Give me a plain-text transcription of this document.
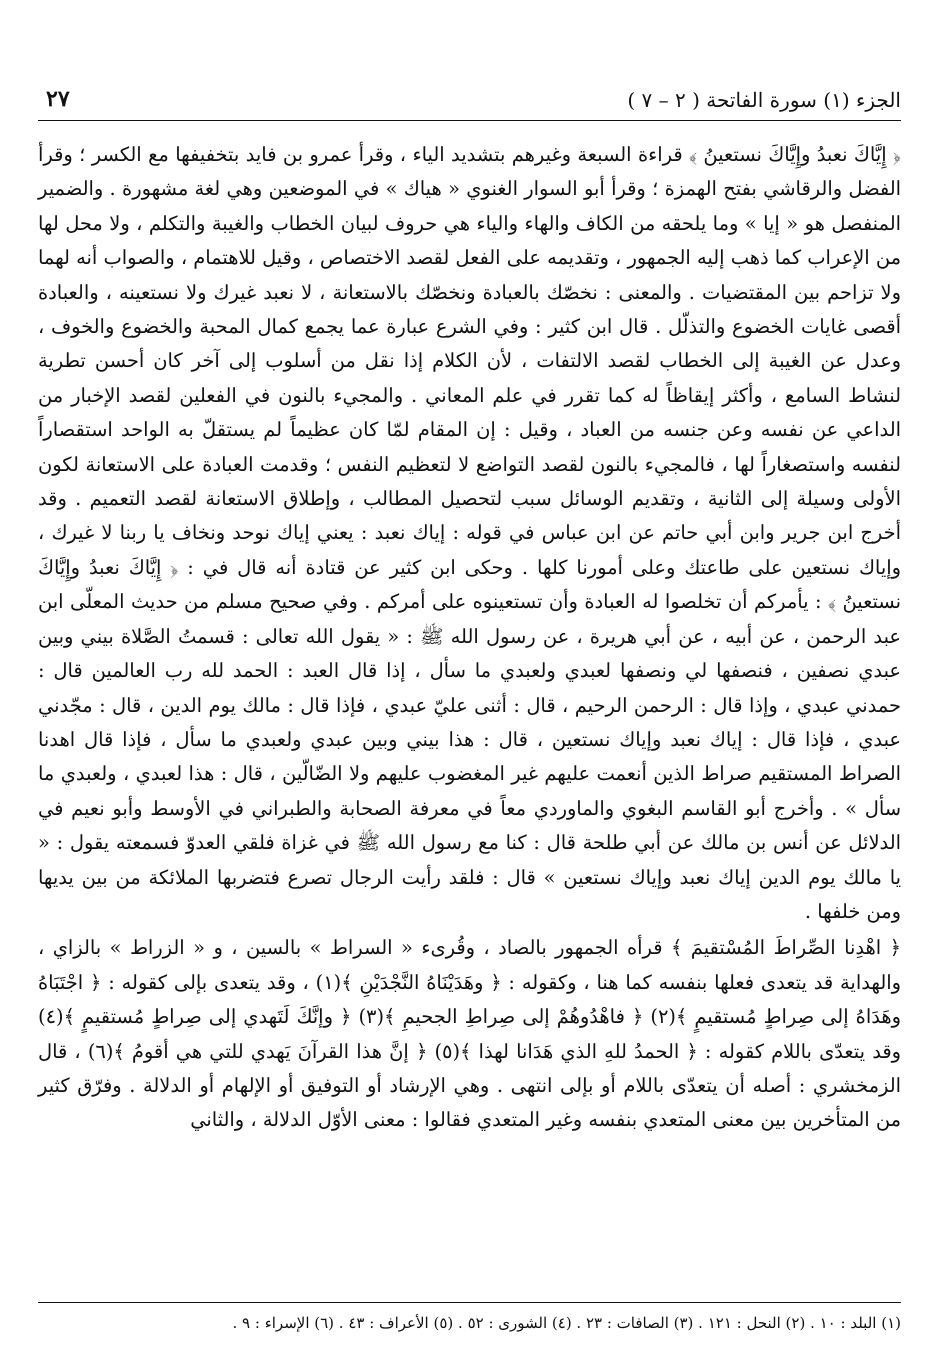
الجزء (١) سورة الفاتحة ( ٢ – ٧ )
٢٧

﴿ إِيَّاكَ نعبدُ وإِيَّاكَ نستعينُ ﴾ قراءة السبعة وغيرهم بتشديد الياء ، وقرأ عمرو بن فايد بتخفيفها مع الكسر ؛ وقرأ الفضل والرقاشي بفتح الهمزة ؛ وقرأ أبو السوار الغنوي « هياك » في الموضعين وهي لغة مشهورة . والضمير المنفصل هو « إيا » وما يلحقه من الكاف والهاء والياء هي حروف لبيان الخطاب والغيبة والتكلم ، ولا محل لها من الإعراب كما ذهب إليه الجمهور ، وتقديمه على الفعل لقصد الاختصاص ، وقيل للاهتمام ، والصواب أنه لهما ولا تزاحم بين المقتضيات . والمعنى : نخصّك بالعبادة ونخصّك بالاستعانة ، لا نعبد غيرك ولا نستعينه ، والعبادة أقصى غايات الخضوع والتذلّل . قال ابن كثير : وفي الشرع عبارة عما يجمع كمال المحبة والخضوع والخوف ، وعدل عن الغيبة إلى الخطاب لقصد الالتفات ، لأن الكلام إذا نقل من أسلوب إلى آخر كان أحسن تطرية لنشاط السامع ، وأكثر إيقاظاً له كما تقرر في علم المعاني . والمجيء بالنون في الفعلين لقصد الإخبار من الداعي عن نفسه وعن جنسه من العباد ، وقيل : إن المقام لمّا كان عظيماً لم يستقلّ به الواحد استقصاراً لنفسه واستصغاراً لها ، فالمجيء بالنون لقصد التواضع لا لتعظيم النفس ؛ وقدمت العبادة على الاستعانة لكون الأولى وسيلة إلى الثانية ، وتقديم الوسائل سبب لتحصيل المطالب ، وإطلاق الاستعانة لقصد التعميم . وقد أخرج ابن جرير وابن أبي حاتم عن ابن عباس في قوله : إياك نعبد : يعني إياك نوحد ونخاف يا ربنا لا غيرك ، وإياك نستعين على طاعتك وعلى أمورنا كلها . وحكى ابن كثير عن قتادة أنه قال في : ﴿ إِيَّاكَ نعبدُ وإِيَّاكَ نستعينُ ﴾ : يأمركم أن تخلصوا له العبادة وأن تستعينوه على أمركم . وفي صحيح مسلم من حديث المعلّى ابن عبد الرحمن ، عن أبيه ، عن أبي هريرة ، عن رسول الله ﷺ : « يقول الله تعالى : قسمتُ الصَّلاة بيني وبين عبدي نصفين ، فنصفها لي ونصفها لعبدي ولعبدي ما سأل ، إذا قال العبد : الحمد لله رب العالمين قال : حمدني عبدي ، وإذا قال : الرحمن الرحيم ، قال : أثنى عليّ عبدي ، فإذا قال : مالك يوم الدين ، قال : مجّدني عبدي ، فإذا قال : إياك نعبد وإياك نستعين ، قال : هذا بيني وبين عبدي ولعبدي ما سأل ، فإذا قال اهدنا الصراط المستقيم صراط الذين أنعمت عليهم غير المغضوب عليهم ولا الضّالّين ، قال : هذا لعبدي ، ولعبدي ما سأل » . وأخرج أبو القاسم البغوي والماوردي معاً في معرفة الصحابة والطبراني في الأوسط وأبو نعيم في الدلائل عن أنس بن مالك عن أبي طلحة قال : كنا مع رسول الله ﷺ في غزاة فلقي العدوّ فسمعته يقول : « يا مالك يوم الدين إياك نعبد وإياك نستعين » قال : فلقد رأيت الرجال تصرع فتضربها الملائكة من بين يديها ومن خلفها .

﴿ اهْدِنا الصِّراطَ المُسْتقيمَ ﴾ قرأه الجمهور بالصاد ، وقُرىء « السراط » بالسين ، و « الزراط » بالزاي ، والهداية قد يتعدى فعلها بنفسه كما هنا ، وكقوله : ﴿ وهَدَيْنَاهُ النَّجْدَيْنِ ﴾(١) ، وقد يتعدى بإلى كقوله : ﴿ اجْتَبَاهُ وهَدَاهُ إلى صِراطٍ مُستقيمٍ ﴾(٢) ﴿ فاهْدُوهُمْ إلى صِراطِ الجحيمِ ﴾(٣) ﴿ وإنَّكَ لَتَهدي إلى صِراطٍ مُستقيمٍ ﴾(٤) وقد يتعدّى باللام كقوله : ﴿ الحمدُ للهِ الذي هَدَانا لهذا ﴾(٥) ﴿ إنَّ هذا القرآنَ يَهدي للتي هي أقومُ ﴾(٦) ، قال الزمخشري : أصله أن يتعدّى باللام أو بإلى انتهى . وهي الإرشاد أو التوفيق أو الإلهام أو الدلالة . وفرّق كثير من المتأخرين بين معنى المتعدي بنفسه وغير المتعدي فقالوا : معنى الأوّل الدلالة ، والثاني

(١) البلد : ١٠ . (٢) النحل : ١٢١ . (٣) الصافات : ٢٣ . (٤) الشورى : ٥٢ . (٥) الأعراف : ٤٣ . (٦) الإسراء : ٩ .
